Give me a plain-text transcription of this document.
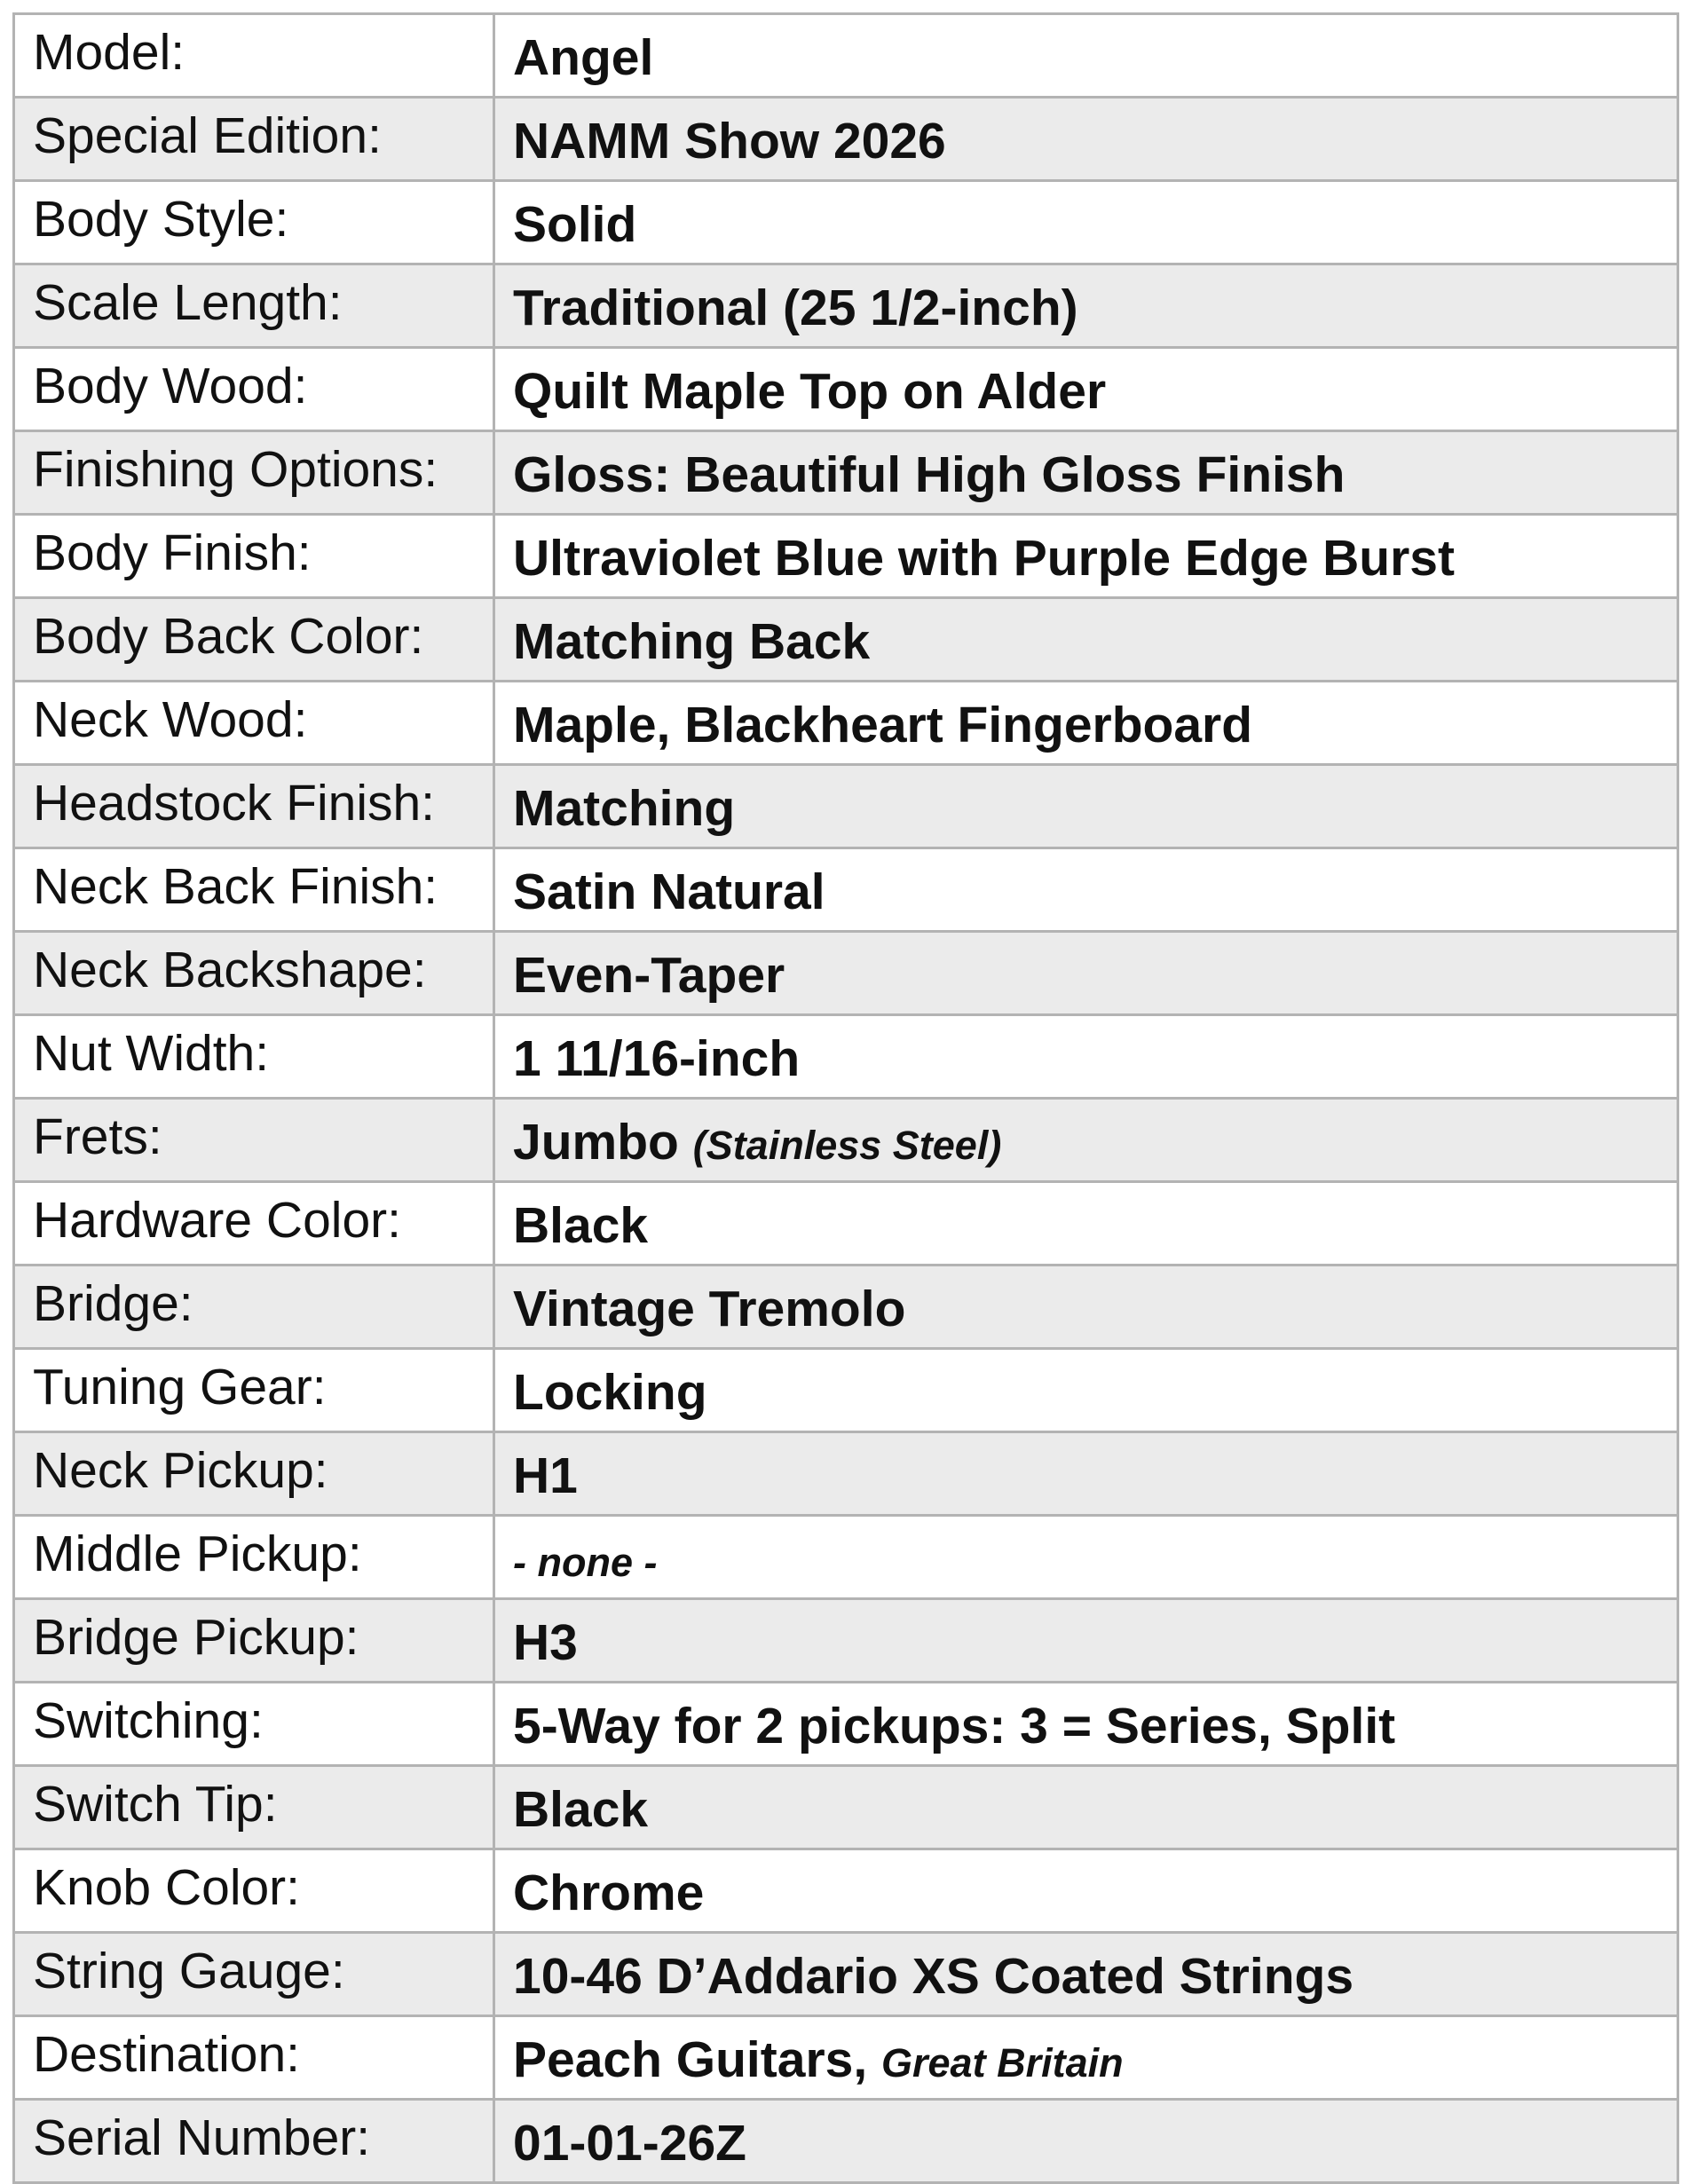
Model:	Angel
Special Edition:	NAMM Show 2026
Body Style:	Solid
Scale Length:	Traditional (25 1/2-inch)
Body Wood:	Quilt Maple Top on Alder
Finishing Options:	Gloss: Beautiful High Gloss Finish
Body Finish:	Ultraviolet Blue with Purple Edge Burst
Body Back Color:	Matching Back
Neck Wood:	Maple, Blackheart Fingerboard
Headstock Finish:	Matching
Neck Back Finish:	Satin Natural
Neck Backshape:	Even-Taper
Nut Width:	1 11/16-inch
Frets:	Jumbo (Stainless Steel)
Hardware Color:	Black
Bridge:	Vintage Tremolo
Tuning Gear:	Locking
Neck Pickup:	H1
Middle Pickup:	- none -
Bridge Pickup:	H3
Switching:	5-Way for 2 pickups: 3 = Series, Split
Switch Tip:	Black
Knob Color:	Chrome
String Gauge:	10-46 D’Addario XS Coated Strings
Destination:	Peach Guitars, Great Britain
Serial Number:	01-01-26Z
